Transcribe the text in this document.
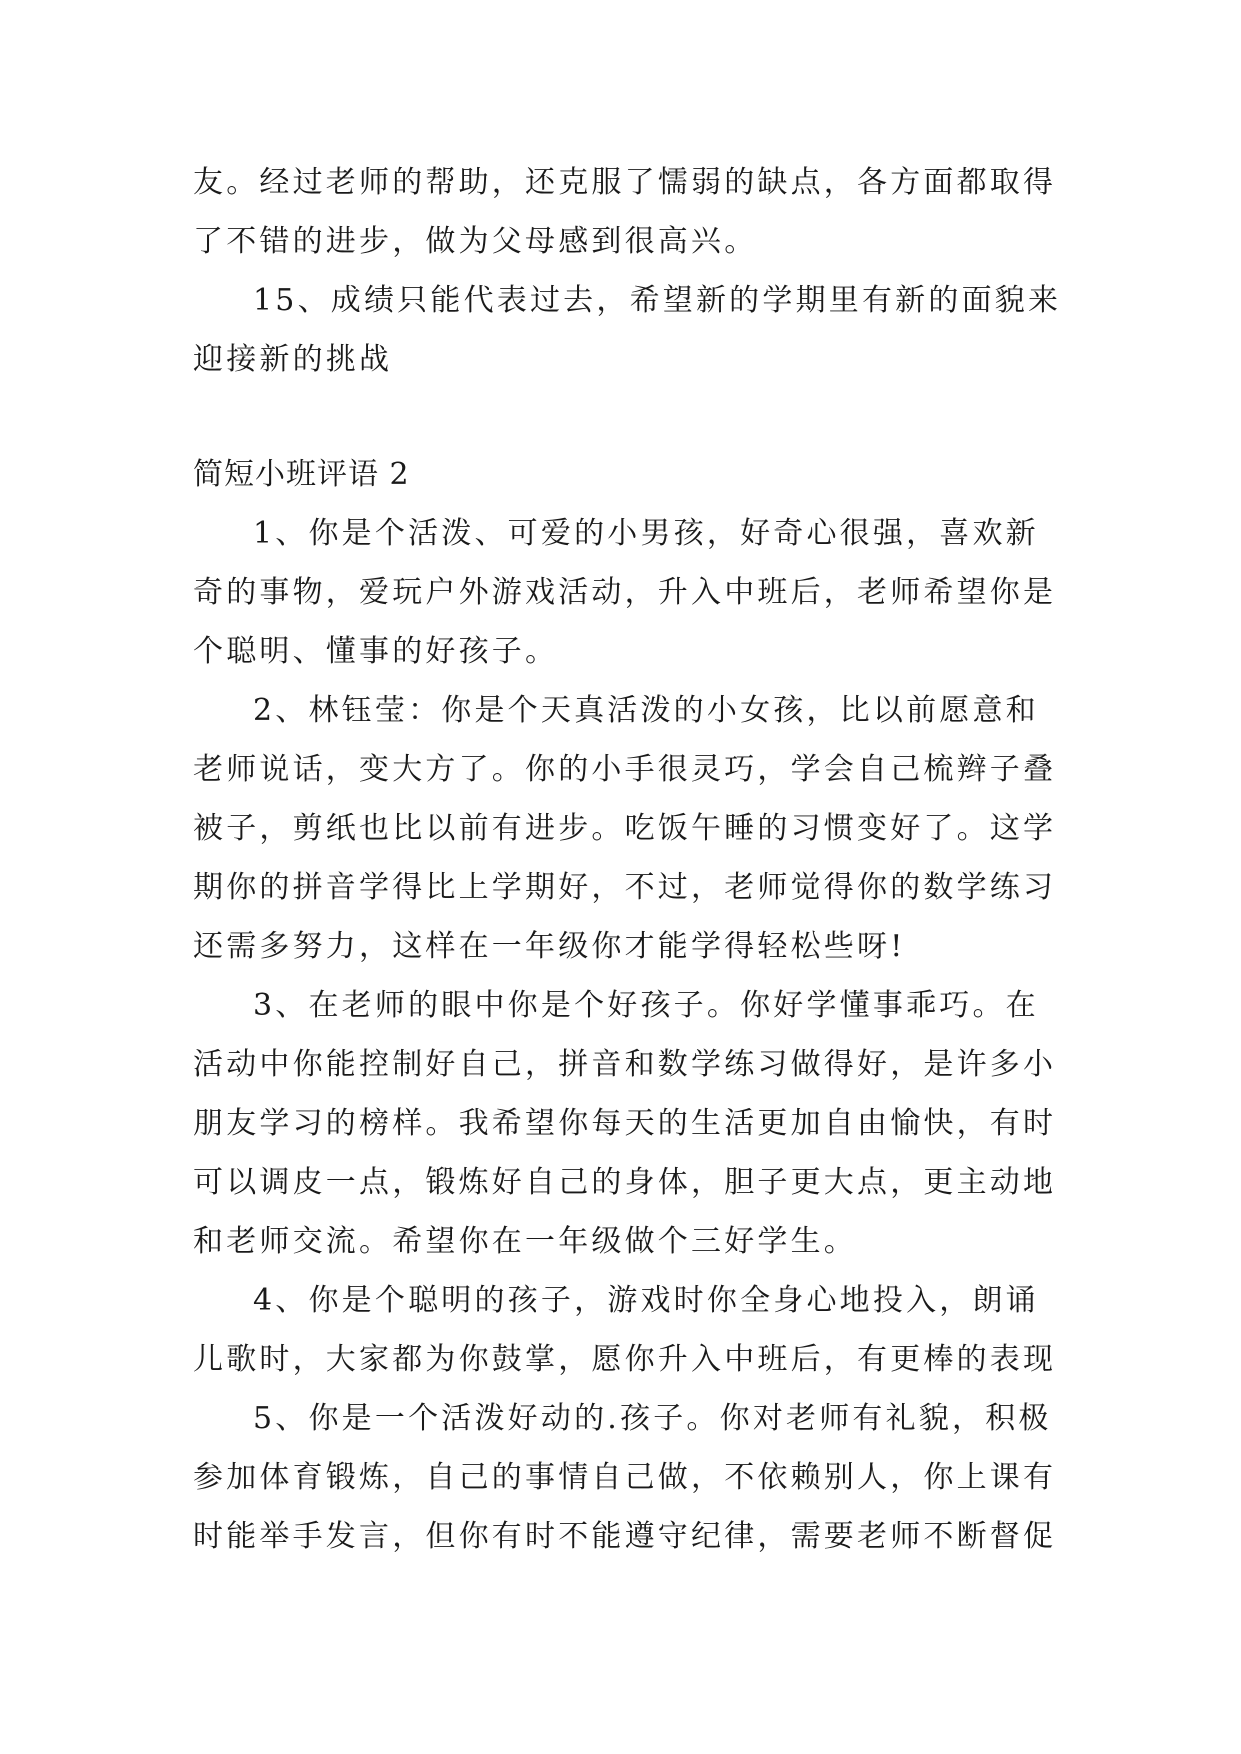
友。经过老师的帮助，还克服了懦弱的缺点，各方面都取得
了不错的进步，做为父母感到很高兴。
15、成绩只能代表过去，希望新的学期里有新的面貌来
迎接新的挑战
简短小班评语 2
1、你是个活泼、可爱的小男孩，好奇心很强，喜欢新
奇的事物，爱玩户外游戏活动，升入中班后，老师希望你是
个聪明、懂事的好孩子。
2、林钰莹：你是个天真活泼的小女孩，比以前愿意和
老师说话，变大方了。你的小手很灵巧，学会自己梳辫子叠
被子，剪纸也比以前有进步。吃饭午睡的习惯变好了。这学
期你的拼音学得比上学期好，不过，老师觉得你的数学练习
还需多努力，这样在一年级你才能学得轻松些呀!
3、在老师的眼中你是个好孩子。你好学懂事乖巧。在
活动中你能控制好自己，拼音和数学练习做得好，是许多小
朋友学习的榜样。我希望你每天的生活更加自由愉快，有时
可以调皮一点，锻炼好自己的身体，胆子更大点，更主动地
和老师交流。希望你在一年级做个三好学生。
4、你是个聪明的孩子，游戏时你全身心地投入，朗诵
儿歌时，大家都为你鼓掌，愿你升入中班后，有更棒的表现
5、你是一个活泼好动的.孩子。你对老师有礼貌，积极
参加体育锻炼，自己的事情自己做，不依赖别人，你上课有
时能举手发言，但你有时不能遵守纪律，需要老师不断督促
